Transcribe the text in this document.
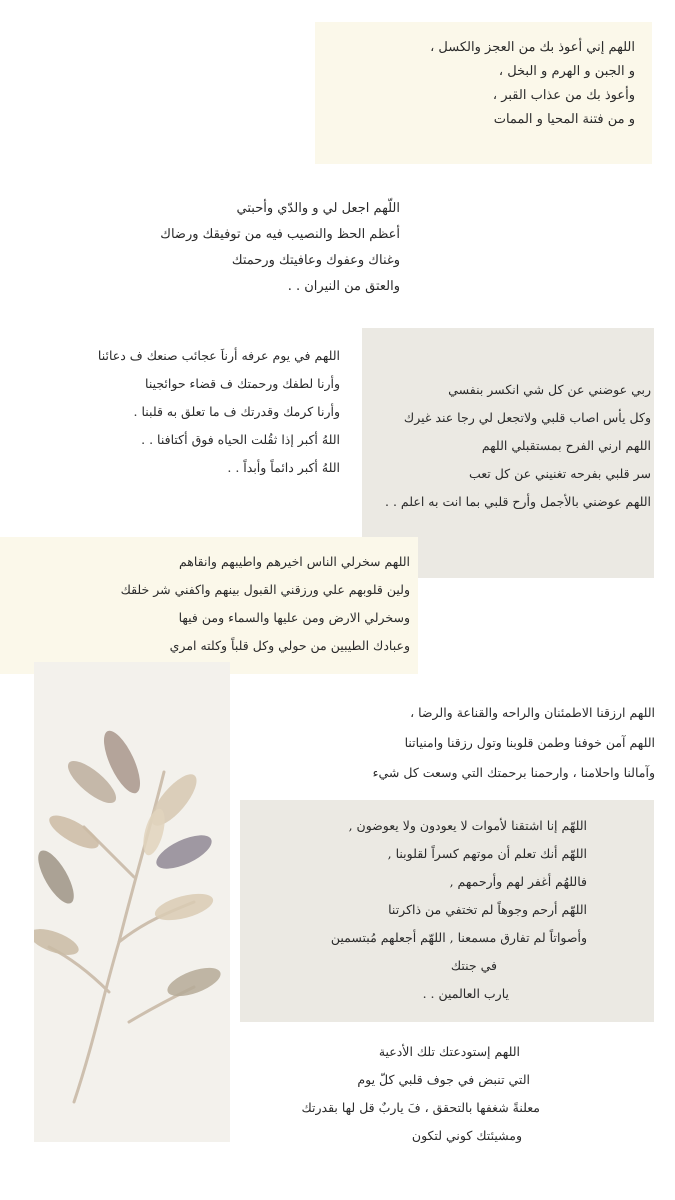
اللهم إني أعوذ بك من العجز والكسل ،
و الجبن و الهرم و البخل ،
وأعوذ بك من عذاب القبر ،
و من فتنة المحيا و الممات
اللّهم اجعل لي و والدّي وأحبتي
أعظم الحظ والنصيب فيه من توفيقك ورضاك
وغناك وعفوك وعافيتك ورحمتك
والعتق من النيران . .
اللهم في يوم عرفه أرناَ عجائب صنعك ف دعائنا
وأرنا لطفك ورحمتك ف قضاء حوائجينا
وأرنا كرمك وقدرتك ف ما تعلق به قلبنا .
اللهُ أكبر إذا ثقُلت الحياه فوق أكتافنا . .
اللهُ أكبر دائماً وأبداً . .
ربي عوضني عن كل شي انكسر بنفسي
وكل يأس اصاب قلبي ولاتجعل لي رجا عند غيرك
اللهم ارني الفرح بمستقبلي اللهم
سر قلبي بفرحه تغنيني عن كل تعب
اللهم عوضني بالأجمل وأرح قلبي بما انت به اعلم . .
اللهم سخرلي الناس اخيرهم واطيبهم وانقاهم
ولين قلوبهم علي ورزقني القبول بينهم واكفني شر خلقك
وسخرلي الارض ومن عليها والسماء ومن فيها
وعبادك الطيبين من حولي وكل قلباً وكلته امري
اللهم ارزقنا الاطمئنان والراحه والقناعة والرضا ،
اللهم آمن خوفنا وطمن قلوبنا وتول رزقنا وامنياتنا
وآمالنا واحلامنا ، وارحمنا برحمتك التي وسعت كل شيء
اللهّم إنا اشتقنا لأموات لا يعودون ولا يعوضون ,
اللهّم أنك تعلم أن موتهم كسراً لقلوبنا ,
فاللهُم أغفر لهم وأرحمهم ,
اللهّم أرحم وجوهاً لم تختفي من ذاكرتنا
وأصواتاً لم تفارق مسمعنا , اللهّم أجعلهم مُبتسمين
في جنتك
يارب العالمين . .
اللهم إستودعتك تلك الأدعية
التي تنبض في جوف قلبي كلّ يوم
معلنةً شغفها بالتحقق ، فَ ياربٌ قل لها بقدرتك
ومشيئتك كوني لتكون
